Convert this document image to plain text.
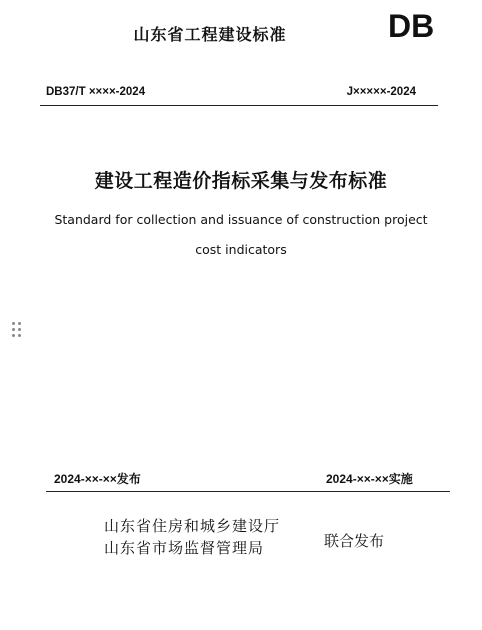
山东省工程建设标准	DB
DB37/T ××××-2024	J×××××-2024
建设工程造价指标采集与发布标准
Standard for collection and issuance of construction project
cost indicators
2024-××-××发布	2024-××-××实施
山东省住房和城乡建设厅
山东省市场监督管理局	联合发布
